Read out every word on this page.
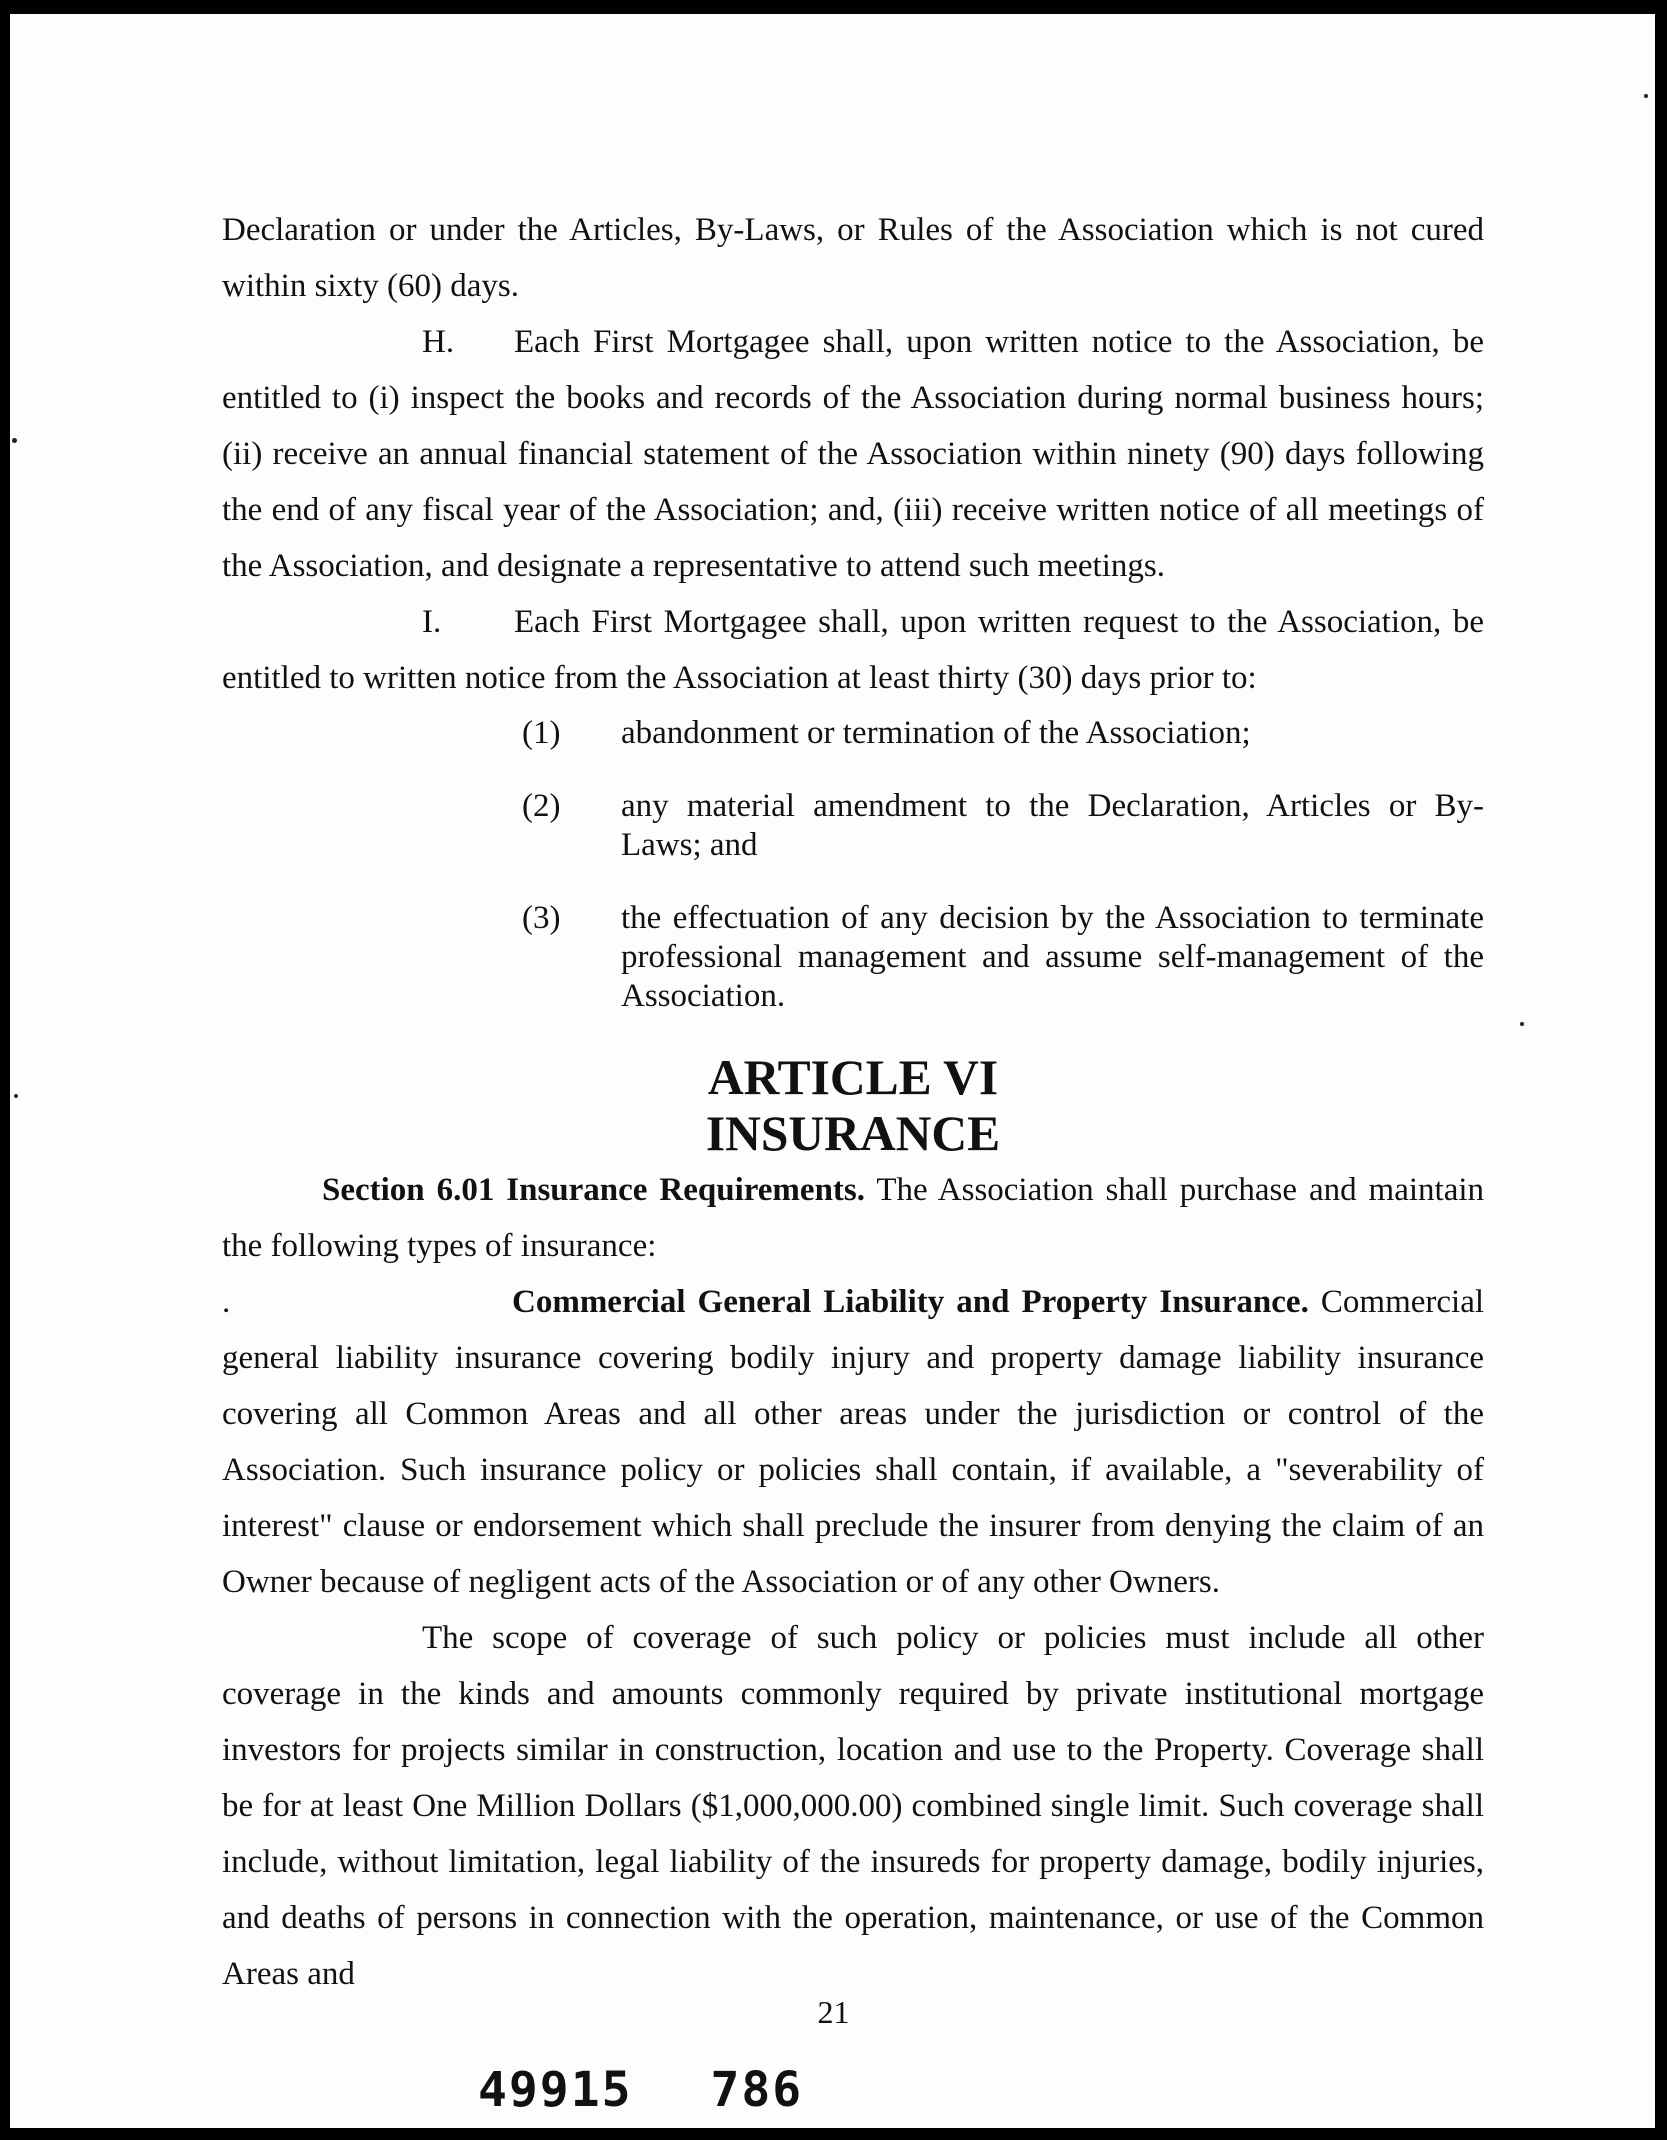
Declaration or under the Articles, By-Laws, or Rules of the Association which is not cured within sixty (60) days.

H. Each First Mortgagee shall, upon written notice to the Association, be entitled to (i) inspect the books and records of the Association during normal business hours; (ii) receive an annual financial statement of the Association within ninety (90) days following the end of any fiscal year of the Association; and, (iii) receive written notice of all meetings of the Association, and designate a representative to attend such meetings.

I. Each First Mortgagee shall, upon written request to the Association, be entitled to written notice from the Association at least thirty (30) days prior to:

(1) abandonment or termination of the Association;
(2) any material amendment to the Declaration, Articles or By-Laws; and
(3) the effectuation of any decision by the Association to terminate professional management and assume self-management of the Association.
ARTICLE VI
INSURANCE

Section 6.01 Insurance Requirements. The Association shall purchase and maintain the following types of insurance:

.	Commercial General Liability and Property Insurance. Commercial general liability insurance covering bodily injury and property damage liability insurance covering all Common Areas and all other areas under the jurisdiction or control of the Association. Such insurance policy or policies shall contain, if available, a "severability of interest" clause or endorsement which shall preclude the insurer from denying the claim of an Owner because of negligent acts of the Association or of any other Owners.

The scope of coverage of such policy or policies must include all other coverage in the kinds and amounts commonly required by private institutional mortgage investors for projects similar in construction, location and use to the Property. Coverage shall be for at least One Million Dollars ($1,000,000.00) combined single limit. Such coverage shall include, without limitation, legal liability of the insureds for property damage, bodily injuries, and deaths of persons in connection with the operation, maintenance, or use of the Common Areas and

21
49915 786
